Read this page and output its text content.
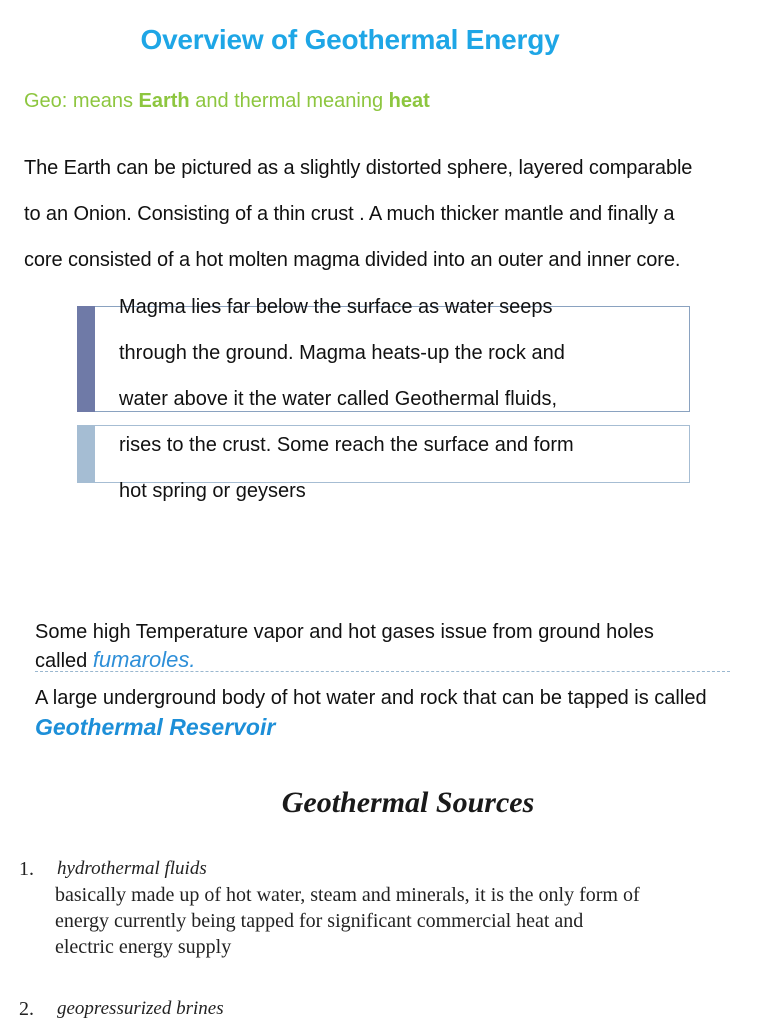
Overview of Geothermal Energy
Geo: means Earth and thermal meaning heat
The Earth can be pictured as a slightly distorted sphere, layered comparable
to an Onion. Consisting of a thin crust . A much thicker mantle and finally a
core consisted of a hot molten magma divided into an outer and inner core.
Magma lies far below the surface as water seeps
through the ground. Magma heats-up the rock and
water above it the water called Geothermal fluids,
rises to the crust. Some reach the surface and form
hot spring or geysers
Some high Temperature vapor and hot gases issue from ground holes
called fumaroles.
A large underground body of hot water and rock that can be tapped is called
Geothermal Reservoir
Geothermal Sources
1. hydrothermal fluids
basically made up of hot water, steam and minerals, it is the only form of
energy currently being tapped for significant commercial heat and
electric energy supply
2. geopressurized brines
